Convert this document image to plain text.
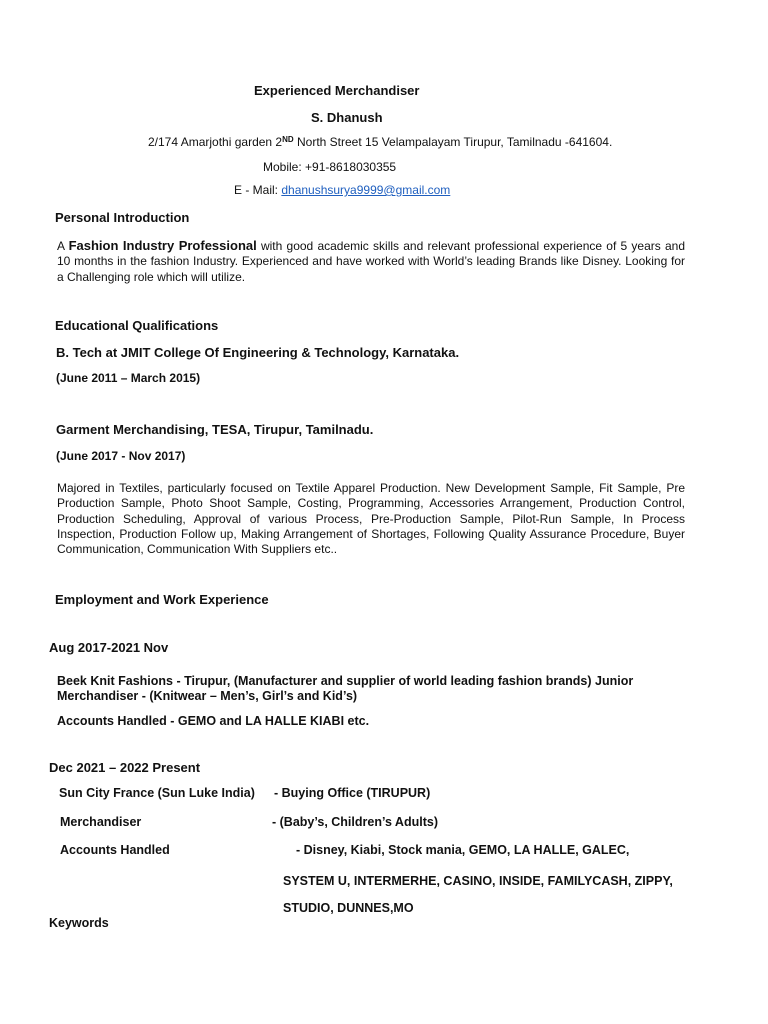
Experienced Merchandiser
S. Dhanush
2/174 Amarjothi garden 2ND North Street 15 Velampalayam Tirupur, Tamilnadu -641604.
Mobile: +91-8618030355
E - Mail: dhanushsurya9999@gmail.com
Personal Introduction
A Fashion Industry Professional with good academic skills and relevant professional experience of 5 years and 10 months in the fashion Industry. Experienced and have worked with World’s leading Brands like Disney. Looking for a Challenging role which will utilize.
Educational Qualifications
B. Tech at JMIT College Of Engineering & Technology, Karnataka.
(June 2011 – March 2015)
Garment Merchandising, TESA, Tirupur, Tamilnadu.
(June 2017 - Nov 2017)
Majored in Textiles, particularly focused on Textile Apparel Production. New Development Sample, Fit Sample, Pre Production Sample, Photo Shoot Sample, Costing, Programming, Accessories Arrangement, Production Control, Production Scheduling, Approval of various Process, Pre-Production Sample, Pilot-Run Sample, In Process Inspection, Production Follow up, Making Arrangement of Shortages, Following Quality Assurance Procedure, Buyer Communication, Communication With Suppliers etc..
Employment and Work Experience
Aug 2017-2021 Nov
Beek Knit Fashions - Tirupur, (Manufacturer and supplier of world leading fashion brands) Junior
Merchandiser - (Knitwear – Men’s, Girl’s and Kid’s)
Accounts Handled - GEMO and LA HALLE KIABI etc.
Dec 2021 – 2022 Present
Sun City France (Sun Luke India) - Buying Office (TIRUPUR)
Merchandiser	- (Baby’s, Children’s Adults)
Accounts Handled	- Disney, Kiabi, Stock mania, GEMO, LA HALLE, GALEC,
SYSTEM U, INTERMERHE, CASINO, INSIDE, FAMILYCASH, ZIPPY,
STUDIO, DUNNES,MO
Keywords
